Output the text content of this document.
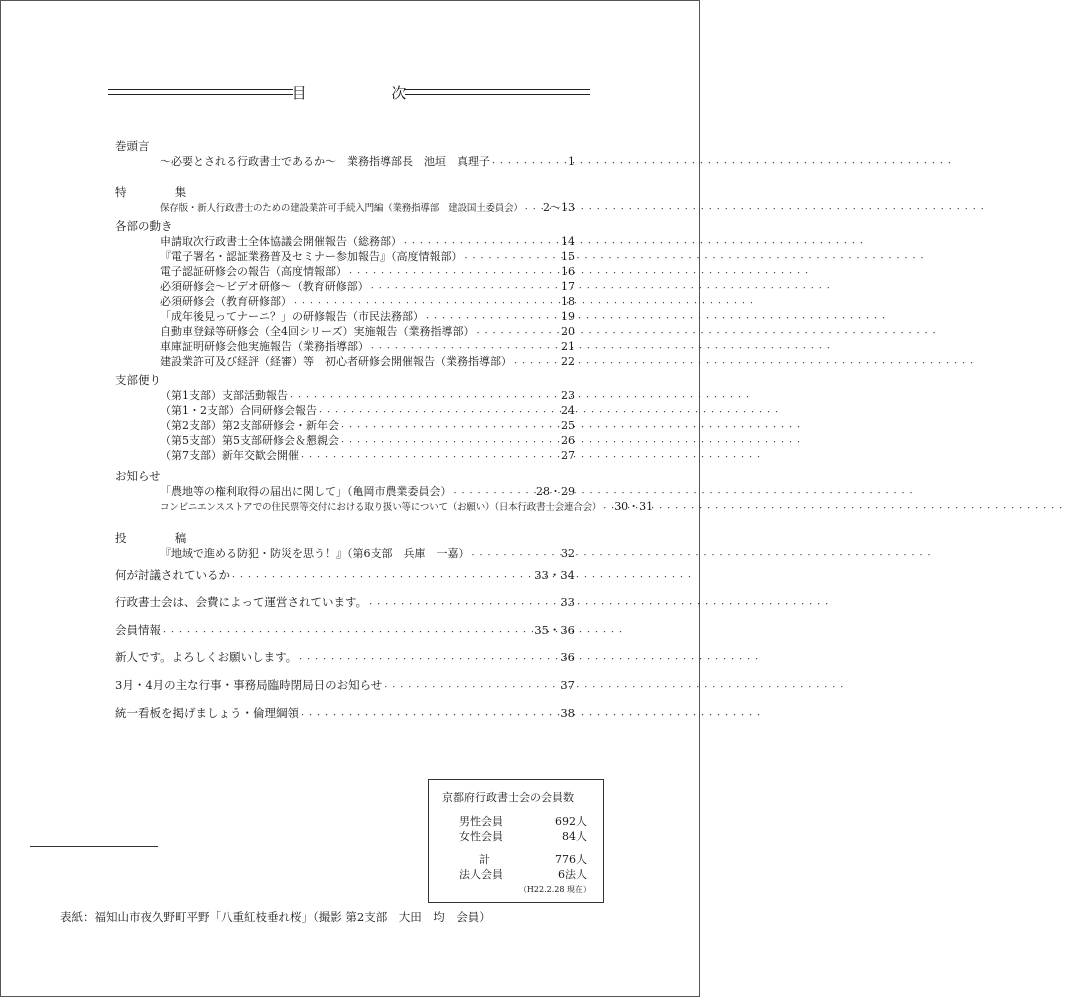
目 次
巻頭言
～必要とされる行政書士であるか～　業務指導部長　池垣　真理子 ・・・・・・・・・・・・・・・・・・・・・・・・・・・・・・・・・・・・・・・・・・・・・・・・・・・・・・・・・・	1
特　集
保存版・新人行政書士のための建設業許可手続入門編（業務指導部　建設国土委員会） ・・・・・・・・・・・・・・・・・・・・・・・・・・・・・・・・・・・・・・・・・・・・・・・・・・・・・・・・・・	2～13
各部の動き
申請取次行政書士全体協議会開催報告（総務部） ・・・・・・・・・・・・・・・・・・・・・・・・・・・・・・・・・・・・・・・・・・・・・・・・・・・・・・・・・・	14
『電子署名・認証業務普及セミナー参加報告』（高度情報部） ・・・・・・・・・・・・・・・・・・・・・・・・・・・・・・・・・・・・・・・・・・・・・・・・・・・・・・・・・・	15
電子認証研修会の報告（高度情報部） ・・・・・・・・・・・・・・・・・・・・・・・・・・・・・・・・・・・・・・・・・・・・・・・・・・・・・・・・・・	16
必須研修会～ビデオ研修～（教育研修部） ・・・・・・・・・・・・・・・・・・・・・・・・・・・・・・・・・・・・・・・・・・・・・・・・・・・・・・・・・・	17
必須研修会（教育研修部） ・・・・・・・・・・・・・・・・・・・・・・・・・・・・・・・・・・・・・・・・・・・・・・・・・・・・・・・・・・	18
「成年後見ってナーニ？」の研修報告（市民法務部） ・・・・・・・・・・・・・・・・・・・・・・・・・・・・・・・・・・・・・・・・・・・・・・・・・・・・・・・・・・	19
自動車登録等研修会（全4回シリーズ）実施報告（業務指導部） ・・・・・・・・・・・・・・・・・・・・・・・・・・・・・・・・・・・・・・・・・・・・・・・・・・・・・・・・・・	20
車庫証明研修会他実施報告（業務指導部） ・・・・・・・・・・・・・・・・・・・・・・・・・・・・・・・・・・・・・・・・・・・・・・・・・・・・・・・・・・	21
建設業許可及び経評（経審）等　初心者研修会開催報告（業務指導部） ・・・・・・・・・・・・・・・・・・・・・・・・・・・・・・・・・・・・・・・・・・・・・・・・・・・・・・・・・・	22
支部便り
（第1支部）支部活動報告 ・・・・・・・・・・・・・・・・・・・・・・・・・・・・・・・・・・・・・・・・・・・・・・・・・・・・・・・・・・	23
（第1・2支部）合同研修会報告 ・・・・・・・・・・・・・・・・・・・・・・・・・・・・・・・・・・・・・・・・・・・・・・・・・・・・・・・・・・	24
（第2支部）第2支部研修会・新年会 ・・・・・・・・・・・・・・・・・・・・・・・・・・・・・・・・・・・・・・・・・・・・・・・・・・・・・・・・・・	25
（第5支部）第5支部研修会＆懇親会 ・・・・・・・・・・・・・・・・・・・・・・・・・・・・・・・・・・・・・・・・・・・・・・・・・・・・・・・・・・	26
（第7支部）新年交歓会開催 ・・・・・・・・・・・・・・・・・・・・・・・・・・・・・・・・・・・・・・・・・・・・・・・・・・・・・・・・・・	27
お知らせ
「農地等の権利取得の届出に関して」（亀岡市農業委員会） ・・・・・・・・・・・・・・・・・・・・・・・・・・・・・・・・・・・・・・・・・・・・・・・・・・・・・・・・・・	28・29
コンビニエンスストアでの住民票等交付における取り扱い等について（お願い）（日本行政書士会連合会） ・・・・・・・・・・・・・・・・・・・・・・・・・・・・・・・・・・・・・・・・・・・・・・・・・・・・・・・・・・	30・31
投　稿
『地域で進める防犯・防災を思う！』（第6支部　兵庫　一嘉） ・・・・・・・・・・・・・・・・・・・・・・・・・・・・・・・・・・・・・・・・・・・・・・・・・・・・・・・・・・	32
何が討議されているか ・・・・・・・・・・・・・・・・・・・・・・・・・・・・・・・・・・・・・・・・・・・・・・・・・・・・・・・・・・	33・34
行政書士会は、会費によって運営されています。 ・・・・・・・・・・・・・・・・・・・・・・・・・・・・・・・・・・・・・・・・・・・・・・・・・・・・・・・・・・	33
会員情報 ・・・・・・・・・・・・・・・・・・・・・・・・・・・・・・・・・・・・・・・・・・・・・・・・・・・・・・・・・・	35・36
新人です。よろしくお願いします。 ・・・・・・・・・・・・・・・・・・・・・・・・・・・・・・・・・・・・・・・・・・・・・・・・・・・・・・・・・・	36
3月・4月の主な行事・事務局臨時閉局日のお知らせ ・・・・・・・・・・・・・・・・・・・・・・・・・・・・・・・・・・・・・・・・・・・・・・・・・・・・・・・・・・	37
統一看板を掲げましょう・倫理綱領 ・・・・・・・・・・・・・・・・・・・・・・・・・・・・・・・・・・・・・・・・・・・・・・・・・・・・・・・・・・	38
京都府行政書士会の会員数
男性会員	692人
女性会員	84人
計	776人
法人会員	6法人
（H22.2.28 現在）
表紙：福知山市夜久野町平野「八重紅枝垂れ桜」（撮影 第2支部　大田　均　会員）
